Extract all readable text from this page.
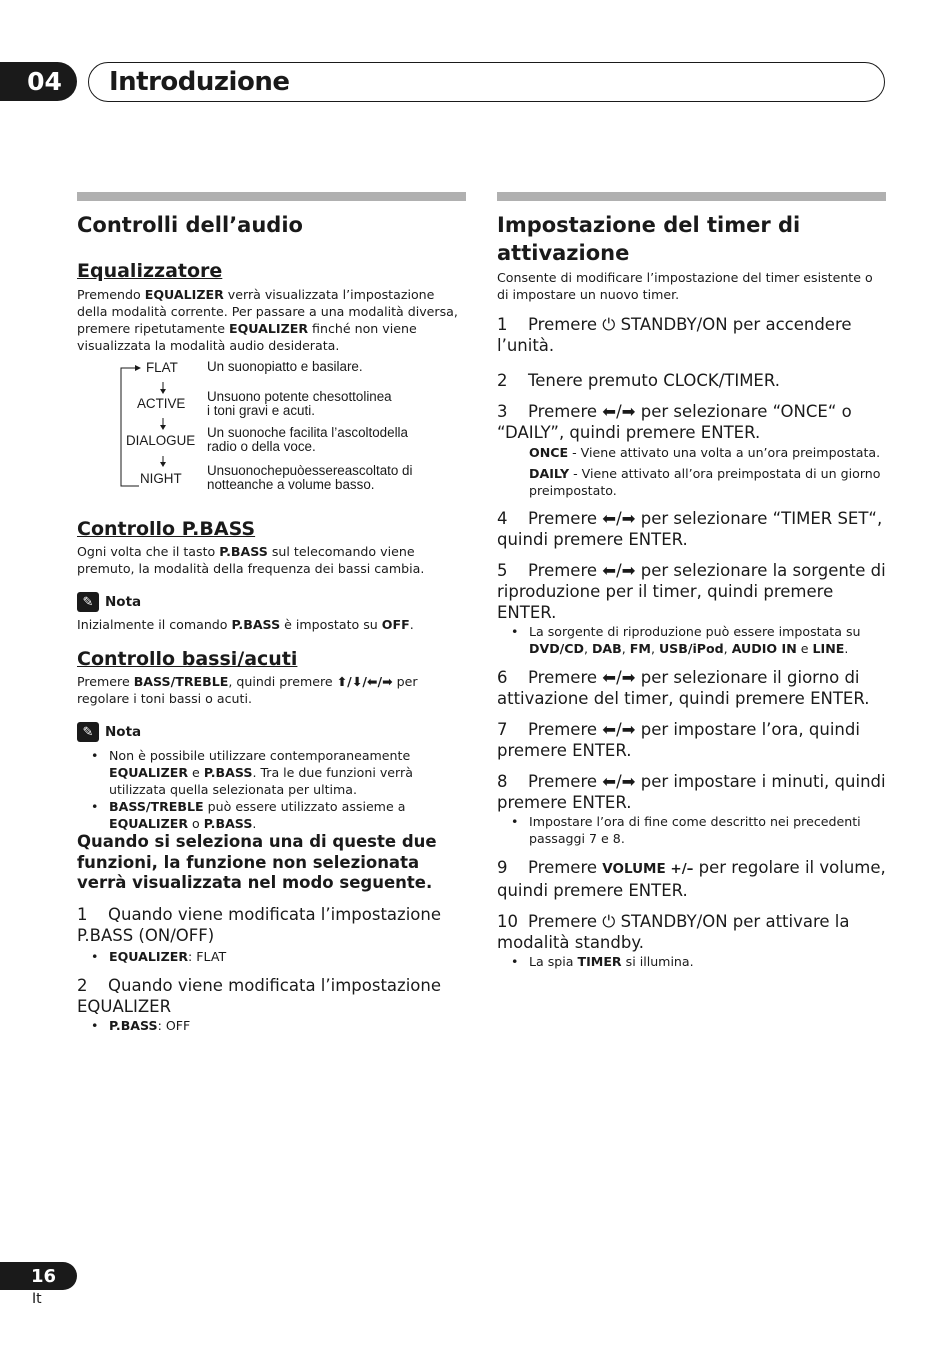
04	Introduzione
Controlli dell’audio
Equalizzatore

Premendo EQUALIZER verrà visualizzata l’impostazione della modalità corrente. Per passare a una modalità diversa, premere ripetutamente EQUALIZER finché non viene visualizzata la modalità audio desiderata.

FLAT
ACTIVE
DIALOGUE
NIGHT
Un suonopiatto e basilare.
Unsuono potente chesottolinea
i toni gravi e acuti.
Un suonoche facilita l’ascoltodella
radio o della voce.
Unsuonochepuòessereascoltato di
notteanche a volume basso.
Controllo P.BASS

Ogni volta che il tasto P.BASS sul telecomando viene premuto, la modalità della frequenza dei bassi cambia.

✎ Nota

Inizialmente il comando P.BASS è impostato su OFF.

Controllo bassi/acuti

Premere BASS/TREBLE, quindi premere ⬆/⬇/⬅/➡ per regolare i toni bassi o acuti.

✎ Nota
• Non è possibile utilizzare contemporaneamente EQUALIZER e P.BASS. Tra le due funzioni verrà utilizzata quella selezionata per ultima.
• BASS/TREBLE può essere utilizzato assieme a EQUALIZER o P.BASS.

Quando si seleziona una di queste due funzioni, la funzione non selezionata verrà visualizzata nel modo seguente.

1 Quando viene modificata l’impostazione P.BASS (ON/OFF)

• EQUALIZER: FLAT

2 Quando viene modificata l’impostazione EQUALIZER

• P.BASS: OFF
Impostazione del timer di attivazione

Consente di modificare l’impostazione del timer esistente o di impostare un nuovo timer.

1 Premere ⏻ STANDBY/ON per accendere l’unità.

2 Tenere premuto CLOCK/TIMER.

3 Premere ⬅/➡ per selezionare “ONCE“ o “DAILY”, quindi premere ENTER.

ONCE - Viene attivato una volta a un’ora preimpostata.

DAILY - Viene attivato all’ora preimpostata di un giorno preimpostato.

4 Premere ⬅/➡ per selezionare “TIMER SET“, quindi premere ENTER.

5 Premere ⬅/➡ per selezionare la sorgente di riproduzione per il timer, quindi premere ENTER.

• La sorgente di riproduzione può essere impostata su DVD/CD, DAB, FM, USB/iPod, AUDIO IN e LINE.

6 Premere ⬅/➡ per selezionare il giorno di attivazione del timer, quindi premere ENTER.

7 Premere ⬅/➡ per impostare l’ora, quindi premere ENTER.

8 Premere ⬅/➡ per impostare i minuti, quindi premere ENTER.

• Impostare l’ora di fine come descritto nei precedenti passaggi 7 e 8.

9 Premere VOLUME +/– per regolare il volume, quindi premere ENTER.

10 Premere ⏻ STANDBY/ON per attivare la modalità standby.

• La spia TIMER si illumina.
16
It
